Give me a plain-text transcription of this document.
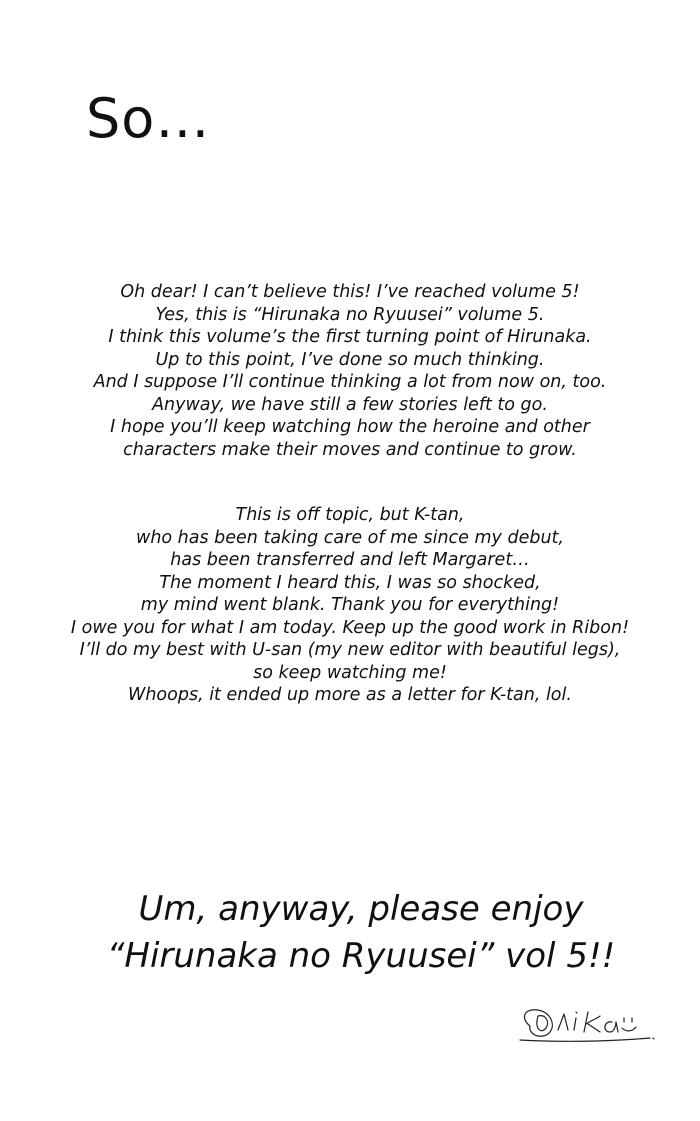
So…
Oh dear! I can’t believe this! I’ve reached volume 5!
Yes, this is “Hirunaka no Ryuusei” volume 5.
I think this volume’s the first turning point of Hirunaka.
Up to this point, I’ve done so much thinking.
And I suppose I’ll continue thinking a lot from now on, too.
Anyway, we have still a few stories left to go.
I hope you’ll keep watching how the heroine and other
characters make their moves and continue to grow.
This is off topic, but K-tan,
who has been taking care of me since my debut,
has been transferred and left Margaret…
The moment I heard this, I was so shocked,
my mind went blank. Thank you for everything!
I owe you for what I am today. Keep up the good work in Ribon!
I’ll do my best with U-san (my new editor with beautiful legs),
so keep watching me!
Whoops, it ended up more as a letter for K-tan, lol.
Um, anyway, please enjoy
“Hirunaka no Ryuusei” vol 5!!
